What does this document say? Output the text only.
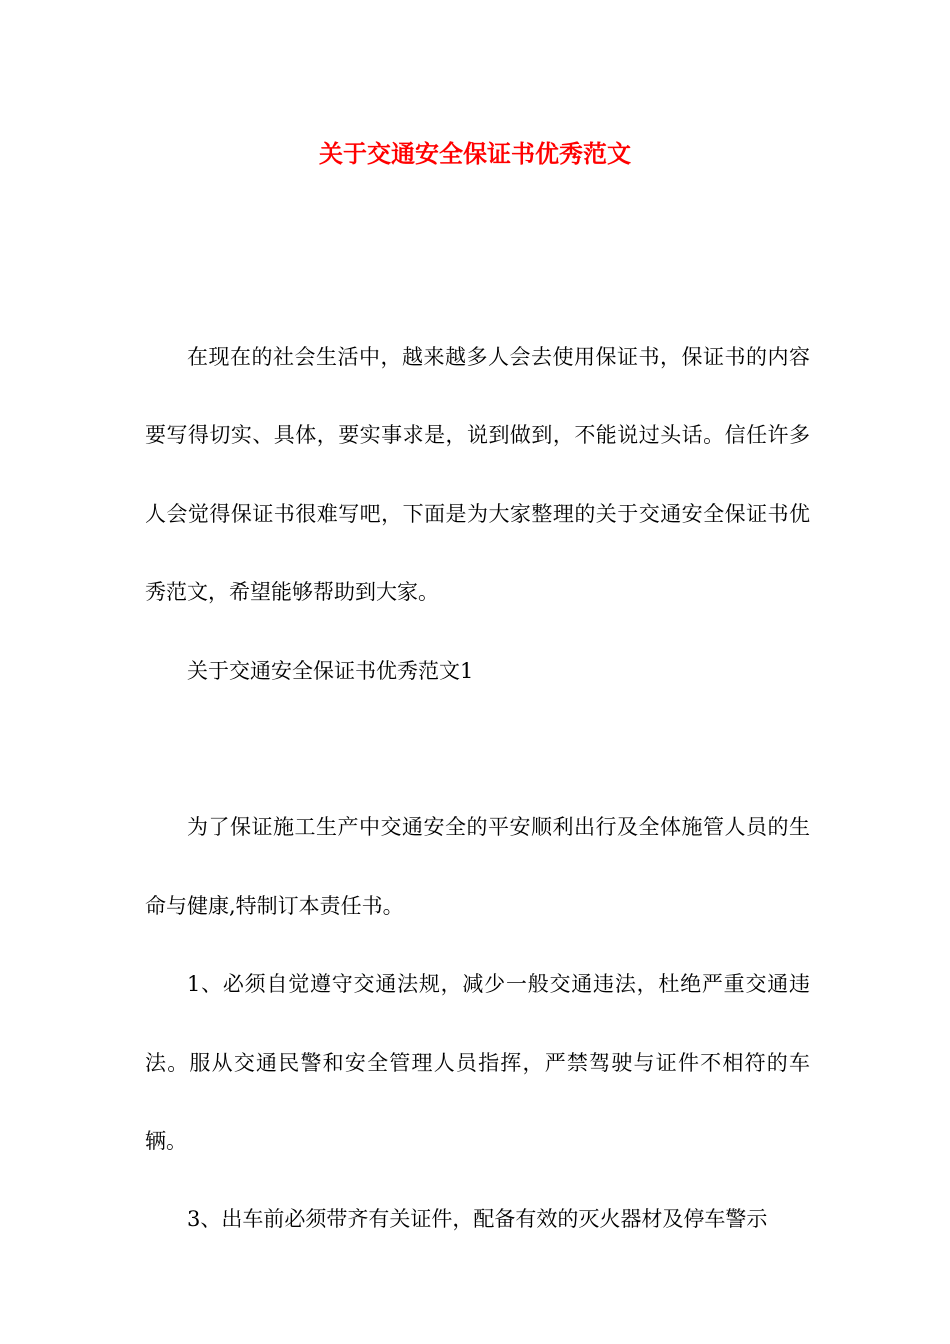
关于交通安全保证书优秀范文

在现在的社会生活中，越来越多人会去使用保证书，保证书的内容要写得切实、具体，要实事求是，说到做到，不能说过头话。信任许多人会觉得保证书很难写吧，下面是为大家整理的关于交通安全保证书优秀范文，希望能够帮助到大家。

关于交通安全保证书优秀范文1

为了保证施工生产中交通安全的平安顺利出行及全体施管人员的生命与健康,特制订本责任书。

1、必须自觉遵守交通法规，减少一般交通违法，杜绝严重交通违法。服从交通民警和安全管理人员指挥，严禁驾驶与证件不相符的车辆。

3、出车前必须带齐有关证件，配备有效的灭火器材及停车警示
